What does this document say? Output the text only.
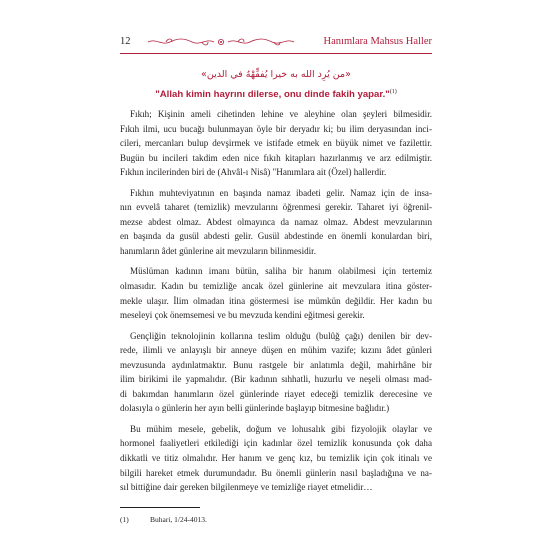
12	Hanımlara Mahsus Haller
«من يُرِد الله به خيرا يُفقِّهْهُ في الدين»
"Allah kimin hayrını dilerse, onu dinde fakih yapar."$^{(1)}$
Fıkıh; Kişinin ameli cihetinden lehine ve aleyhine olan şeyleri bilmesidir.
Fıkıh ilmi, ucu bucağı bulunmayan öyle bir deryadır ki; bu ilim deryasından inci-
cileri, mercanları bulup devşirmek ve istifade etmek en büyük nimet ve fazilettir.
Bugün bu incileri takdim eden nice fıkıh kitapları hazırlanmış ve arz edilmiştir.
Fıkhın incilerinden biri de (Ahvâl-ı Nisâ) "Hanımlara ait (Özel) hallerdir.
Fıkhın muhteviyatının en başında namaz ibadeti gelir. Namaz için de insa-
nın evvelâ taharet (temizlik) mevzularını öğrenmesi gerekir. Taharet iyi öğrenil-
mezse abdest olmaz. Abdest olmayınca da namaz olmaz. Abdest mevzularının
en başında da gusül abdesti gelir. Gusül abdestinde en önemli konulardan biri,
hanımların âdet günlerine ait mevzuların bilinmesidir.
Müslüman kadının imanı bütün, saliha bir hanım olabilmesi için tertemiz
olmasıdır. Kadın bu temizliğe ancak özel günlerine ait mevzulara itina göster-
mekle ulaşır. İlim olmadan itina göstermesi ise mümkün değildir. Her kadın bu
meseleyi çok önemsemesi ve bu mevzuda kendini eğitmesi gerekir.
Gençliğin teknolojinin kollarına teslim olduğu (bulûğ çağı) denilen bir dev-
rede, ilimli ve anlayışlı bir anneye düşen en mühim vazife; kızını âdet günleri
mevzusunda aydınlatmaktır. Bunu rastgele bir anlatımla değil, mahirhâne bir
ilim birikimi ile yapmalıdır. (Bir kadının sıhhatli, huzurlu ve neşeli olması mad-
di bakımdan hanımların özel günlerinde riayet edeceği temizlik derecesine ve
dolasıyla o günlerin her ayın belli günlerinde başlayıp bitmesine bağlıdır.)
Bu mühim mesele, gebelik, doğum ve lohusalık gibi fizyolojik olaylar ve
hormonel faaliyetleri etkilediği için kadınlar özel temizlik konusunda çok daha
dikkatli ve titiz olmalıdır. Her hanım ve genç kız, bu temizlik için çok itinalı ve
bilgili hareket etmek durumundadır. Bu önemli günlerin nasıl başladığına ve na-
sıl bittiğine dair gereken bilgilenmeye ve temizliğe riayet etmelidir…
(1)	Buhari, 1/24-4013.
